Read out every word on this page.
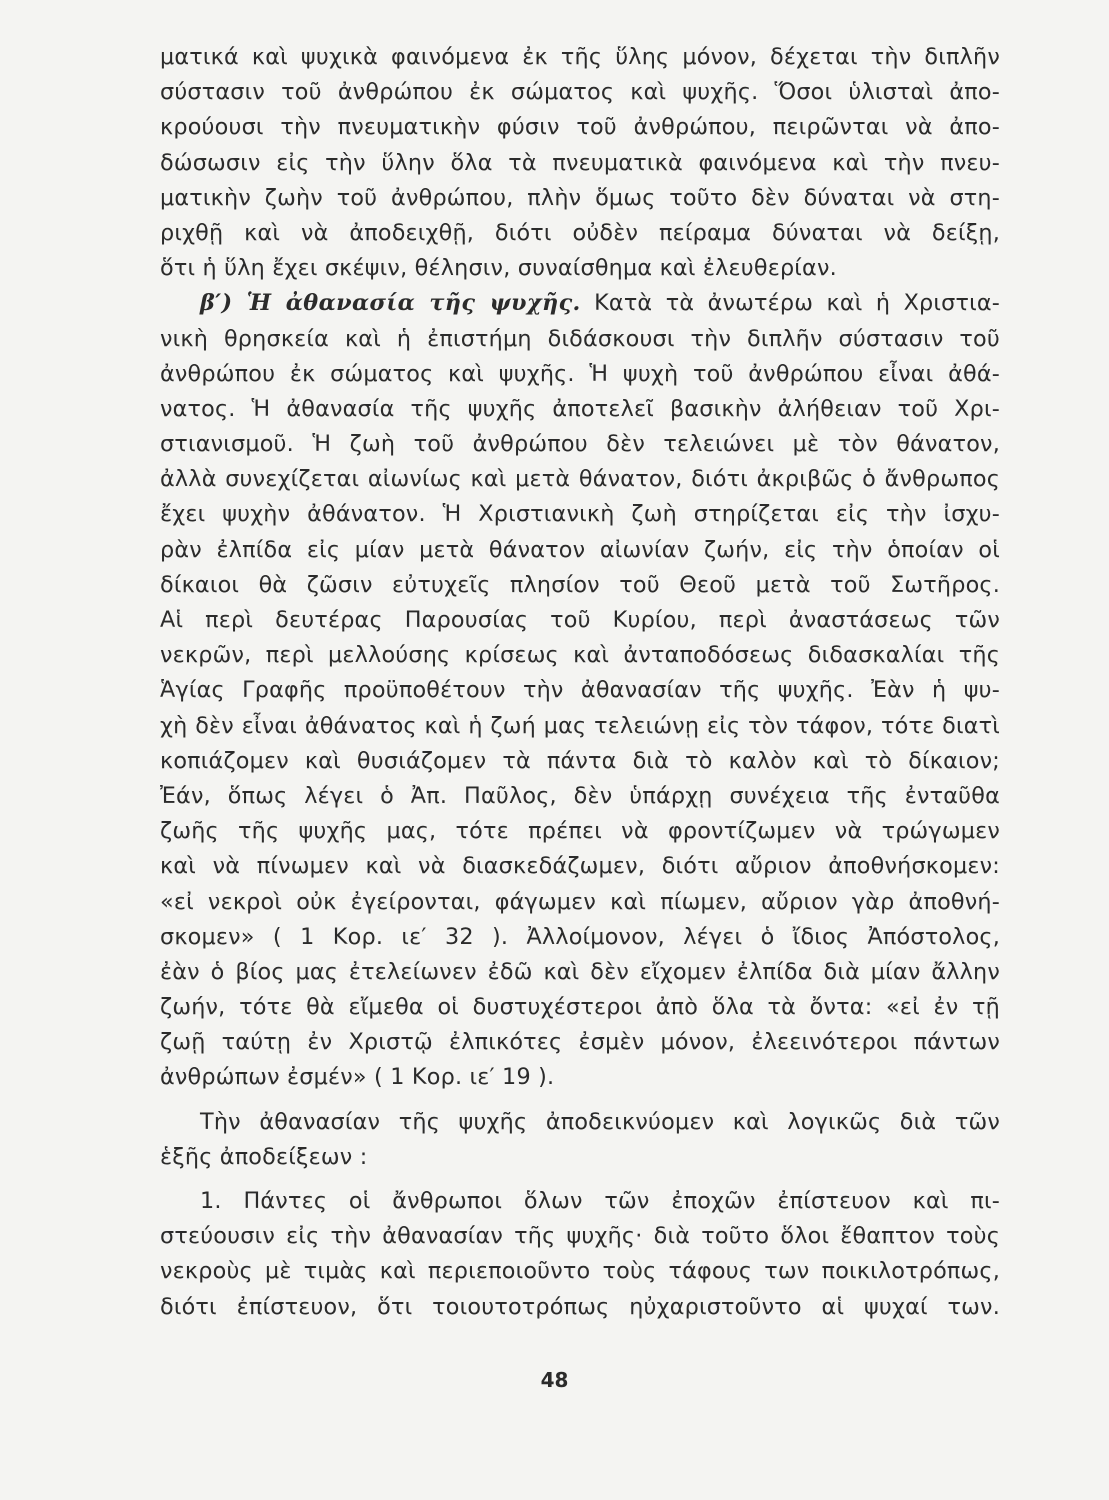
ματικά καὶ ψυχικὰ φαινόμενα ἐκ τῆς ὕλης μόνον, δέχεται τὴν διπλῆν
σύστασιν τοῦ ἀνθρώπου ἐκ σώματος καὶ ψυχῆς. Ὅσοι ὑλισταὶ ἀπο-
κρούουσι τὴν πνευματικὴν φύσιν τοῦ ἀνθρώπου, πειρῶνται νὰ ἀπο-
δώσωσιν εἰς τὴν ὕλην ὅλα τὰ πνευματικὰ φαινόμενα καὶ τὴν πνευ-
ματικὴν ζωὴν τοῦ ἀνθρώπου, πλὴν ὅμως τοῦτο δὲν δύναται νὰ στη-
ριχθῇ καὶ νὰ ἀποδειχθῇ, διότι οὐδὲν πείραμα δύναται νὰ δείξῃ,
ὅτι ἡ ὕλη ἔχει σκέψιν, θέλησιν, συναίσθημα καὶ ἐλευθερίαν.
β′) Ἡ ἀθανασία τῆς ψυχῆς. Κατὰ τὰ ἀνωτέρω καὶ ἡ Χριστια-
νικὴ θρησκεία καὶ ἡ ἐπιστήμη διδάσκουσι τὴν διπλῆν σύστασιν τοῦ
ἀνθρώπου ἐκ σώματος καὶ ψυχῆς. Ἡ ψυχὴ τοῦ ἀνθρώπου εἶναι ἀθά-
νατος. Ἡ ἀθανασία τῆς ψυχῆς ἀποτελεῖ βασικὴν ἀλήθειαν τοῦ Χρι-
στιανισμοῦ. Ἡ ζωὴ τοῦ ἀνθρώπου δὲν τελειώνει μὲ τὸν θάνατον,
ἀλλὰ συνεχίζεται αἰωνίως καὶ μετὰ θάνατον, διότι ἀκριβῶς ὁ ἄνθρωπος
ἔχει ψυχὴν ἀθάνατον. Ἡ Χριστιανικὴ ζωὴ στηρίζεται εἰς τὴν ἰσχυ-
ρὰν ἐλπίδα εἰς μίαν μετὰ θάνατον αἰωνίαν ζωήν, εἰς τὴν ὁποίαν οἱ
δίκαιοι θὰ ζῶσιν εὐτυχεῖς πλησίον τοῦ Θεοῦ μετὰ τοῦ Σωτῆρος.
Αἱ περὶ δευτέρας Παρουσίας τοῦ Κυρίου, περὶ ἀναστάσεως τῶν
νεκρῶν, περὶ μελλούσης κρίσεως καὶ ἀνταποδόσεως διδασκαλίαι τῆς
Ἁγίας Γραφῆς προϋποθέτουν τὴν ἀθανασίαν τῆς ψυχῆς. Ἐὰν ἡ ψυ-
χὴ δὲν εἶναι ἀθάνατος καὶ ἡ ζωή μας τελειώνῃ εἰς τὸν τάφον, τότε διατὶ
κοπιάζομεν καὶ θυσιάζομεν τὰ πάντα διὰ τὸ καλὸν καὶ τὸ δίκαιον;
Ἐάν, ὅπως λέγει ὁ Ἀπ. Παῦλος, δὲν ὑπάρχῃ συνέχεια τῆς ἐνταῦθα
ζωῆς τῆς ψυχῆς μας, τότε πρέπει νὰ φροντίζωμεν νὰ τρώγωμεν
καὶ νὰ πίνωμεν καὶ νὰ διασκεδάζωμεν, διότι αὔριον ἀποθνήσκομεν:
«εἰ νεκροὶ οὐκ ἐγείρονται, φάγωμεν καὶ πίωμεν, αὔριον γὰρ ἀποθνή-
σκομεν» ( 1 Κορ. ιε′ 32 ). Ἀλλοίμονον, λέγει ὁ ἴδιος Ἀπόστολος,
ἐὰν ὁ βίος μας ἐτελείωνεν ἐδῶ καὶ δὲν εἴχομεν ἐλπίδα διὰ μίαν ἄλλην
ζωήν, τότε θὰ εἴμεθα οἱ δυστυχέστεροι ἀπὸ ὅλα τὰ ὄντα: «εἰ ἐν τῇ
ζωῇ ταύτῃ ἐν Χριστῷ ἐλπικότες ἐσμὲν μόνον, ἐλεεινότεροι πάντων
ἀνθρώπων ἐσμέν» ( 1 Κορ. ιε′ 19 ).
Τὴν ἀθανασίαν τῆς ψυχῆς ἀποδεικνύομεν καὶ λογικῶς διὰ τῶν
ἑξῆς ἀποδείξεων :
1. Πάντες οἱ ἄνθρωποι ὅλων τῶν ἐποχῶν ἐπίστευον καὶ πι-
στεύουσιν εἰς τὴν ἀθανασίαν τῆς ψυχῆς· διὰ τοῦτο ὅλοι ἔθαπτον τοὺς
νεκροὺς μὲ τιμὰς καὶ περιεποιοῦντο τοὺς τάφους των ποικιλοτρόπως,
διότι ἐπίστευον, ὅτι τοιουτοτρόπως ηὐχαριστοῦντο αἱ ψυχαί των.
48
